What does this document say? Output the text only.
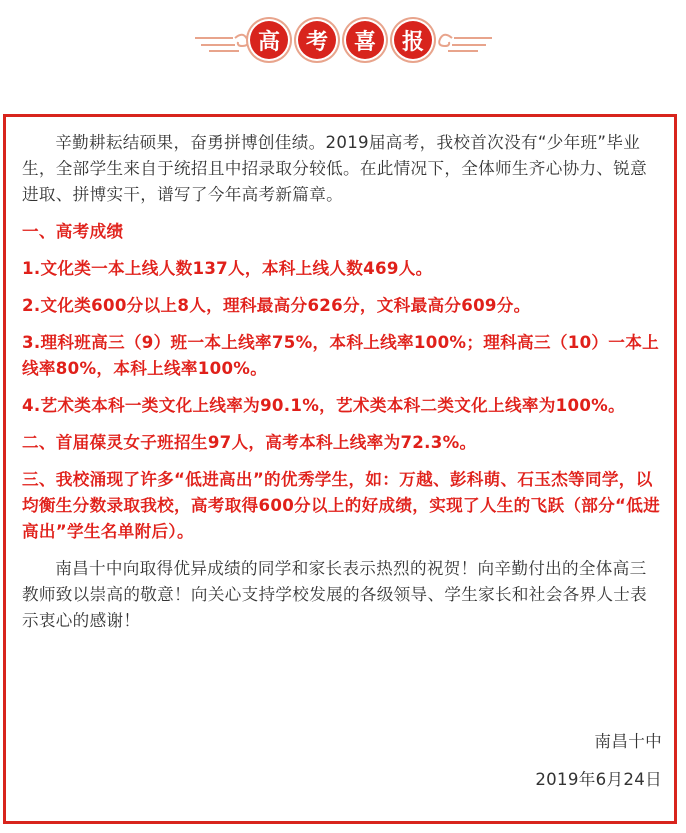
高	考	喜	报

辛勤耕耘结硕果，奋勇拼博创佳绩。2019届高考，我校首次没有“少年班”毕业生，全部学生来自于统招且中招录取分较低。在此情况下，全体师生齐心协力、锐意进取、拼博实干，谱写了今年高考新篇章。

一、高考成绩

1.文化类一本上线人数137人，本科上线人数469人。

2.文化类600分以上8人，理科最高分626分，文科最高分609分。

3.理科班高三（9）班一本上线率75%，本科上线率100%；理科高三（10）一本上线率80%，本科上线率100%。

4.艺术类本科一类文化上线率为90.1%，艺术类本科二类文化上线率为100%。

二、首届葆灵女子班招生97人，高考本科上线率为72.3%。

三、我校涌现了许多“低进高出”的优秀学生，如：万越、彭科萌、石玉杰等同学，以均衡生分数录取我校，高考取得600分以上的好成绩，实现了人生的飞跃（部分“低进高出”学生名单附后）。

南昌十中向取得优异成绩的同学和家长表示热烈的祝贺！向辛勤付出的全体高三教师致以崇高的敬意！向关心支持学校发展的各级领导、学生家长和社会各界人士表示衷心的感谢！

南昌十中
2019年6月24日
